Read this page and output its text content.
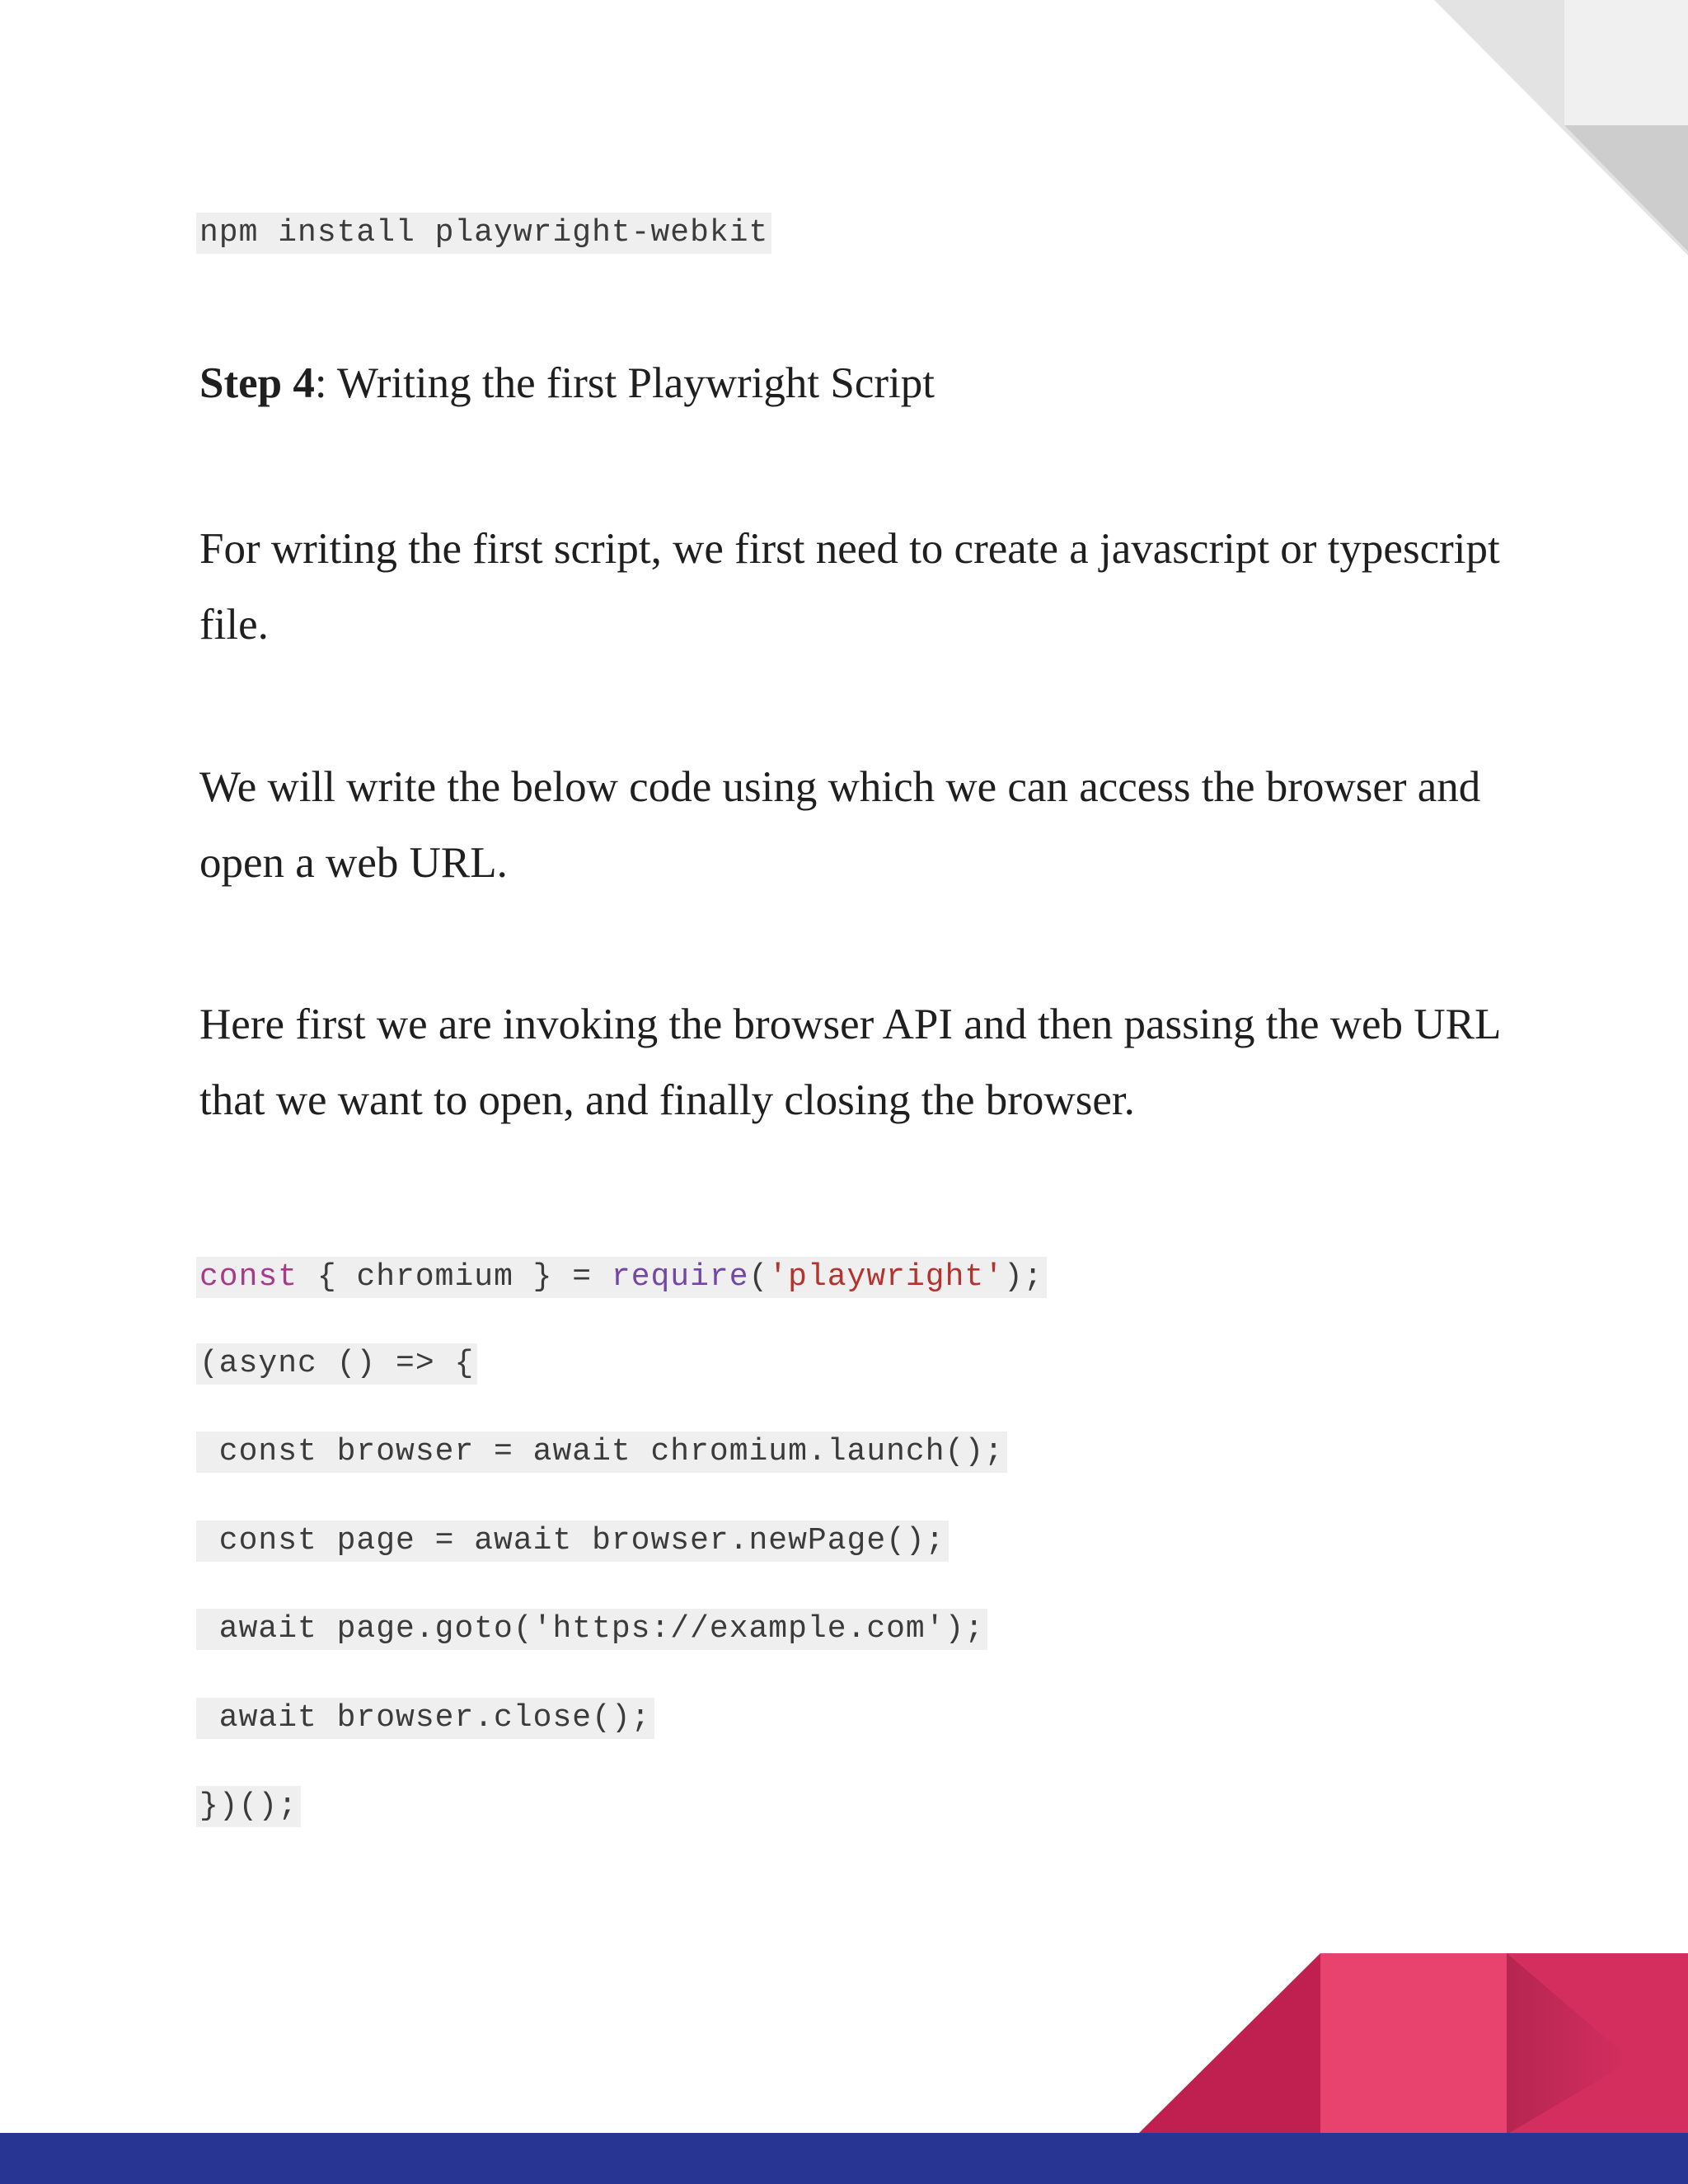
npm install playwright-webkit
Step 4: Writing the first Playwright Script

For writing the first script, we first need to create a javascript or typescript file.

We will write the below code using which we can access the browser and open a web URL.

Here first we are invoking the browser API and then passing the web URL that we want to open, and finally closing the browser.

const { chromium } = require('playwright');
(async () => {
const browser = await chromium.launch();
const page = await browser.newPage();
await page.goto('https://example.com');
await browser.close();
})();
